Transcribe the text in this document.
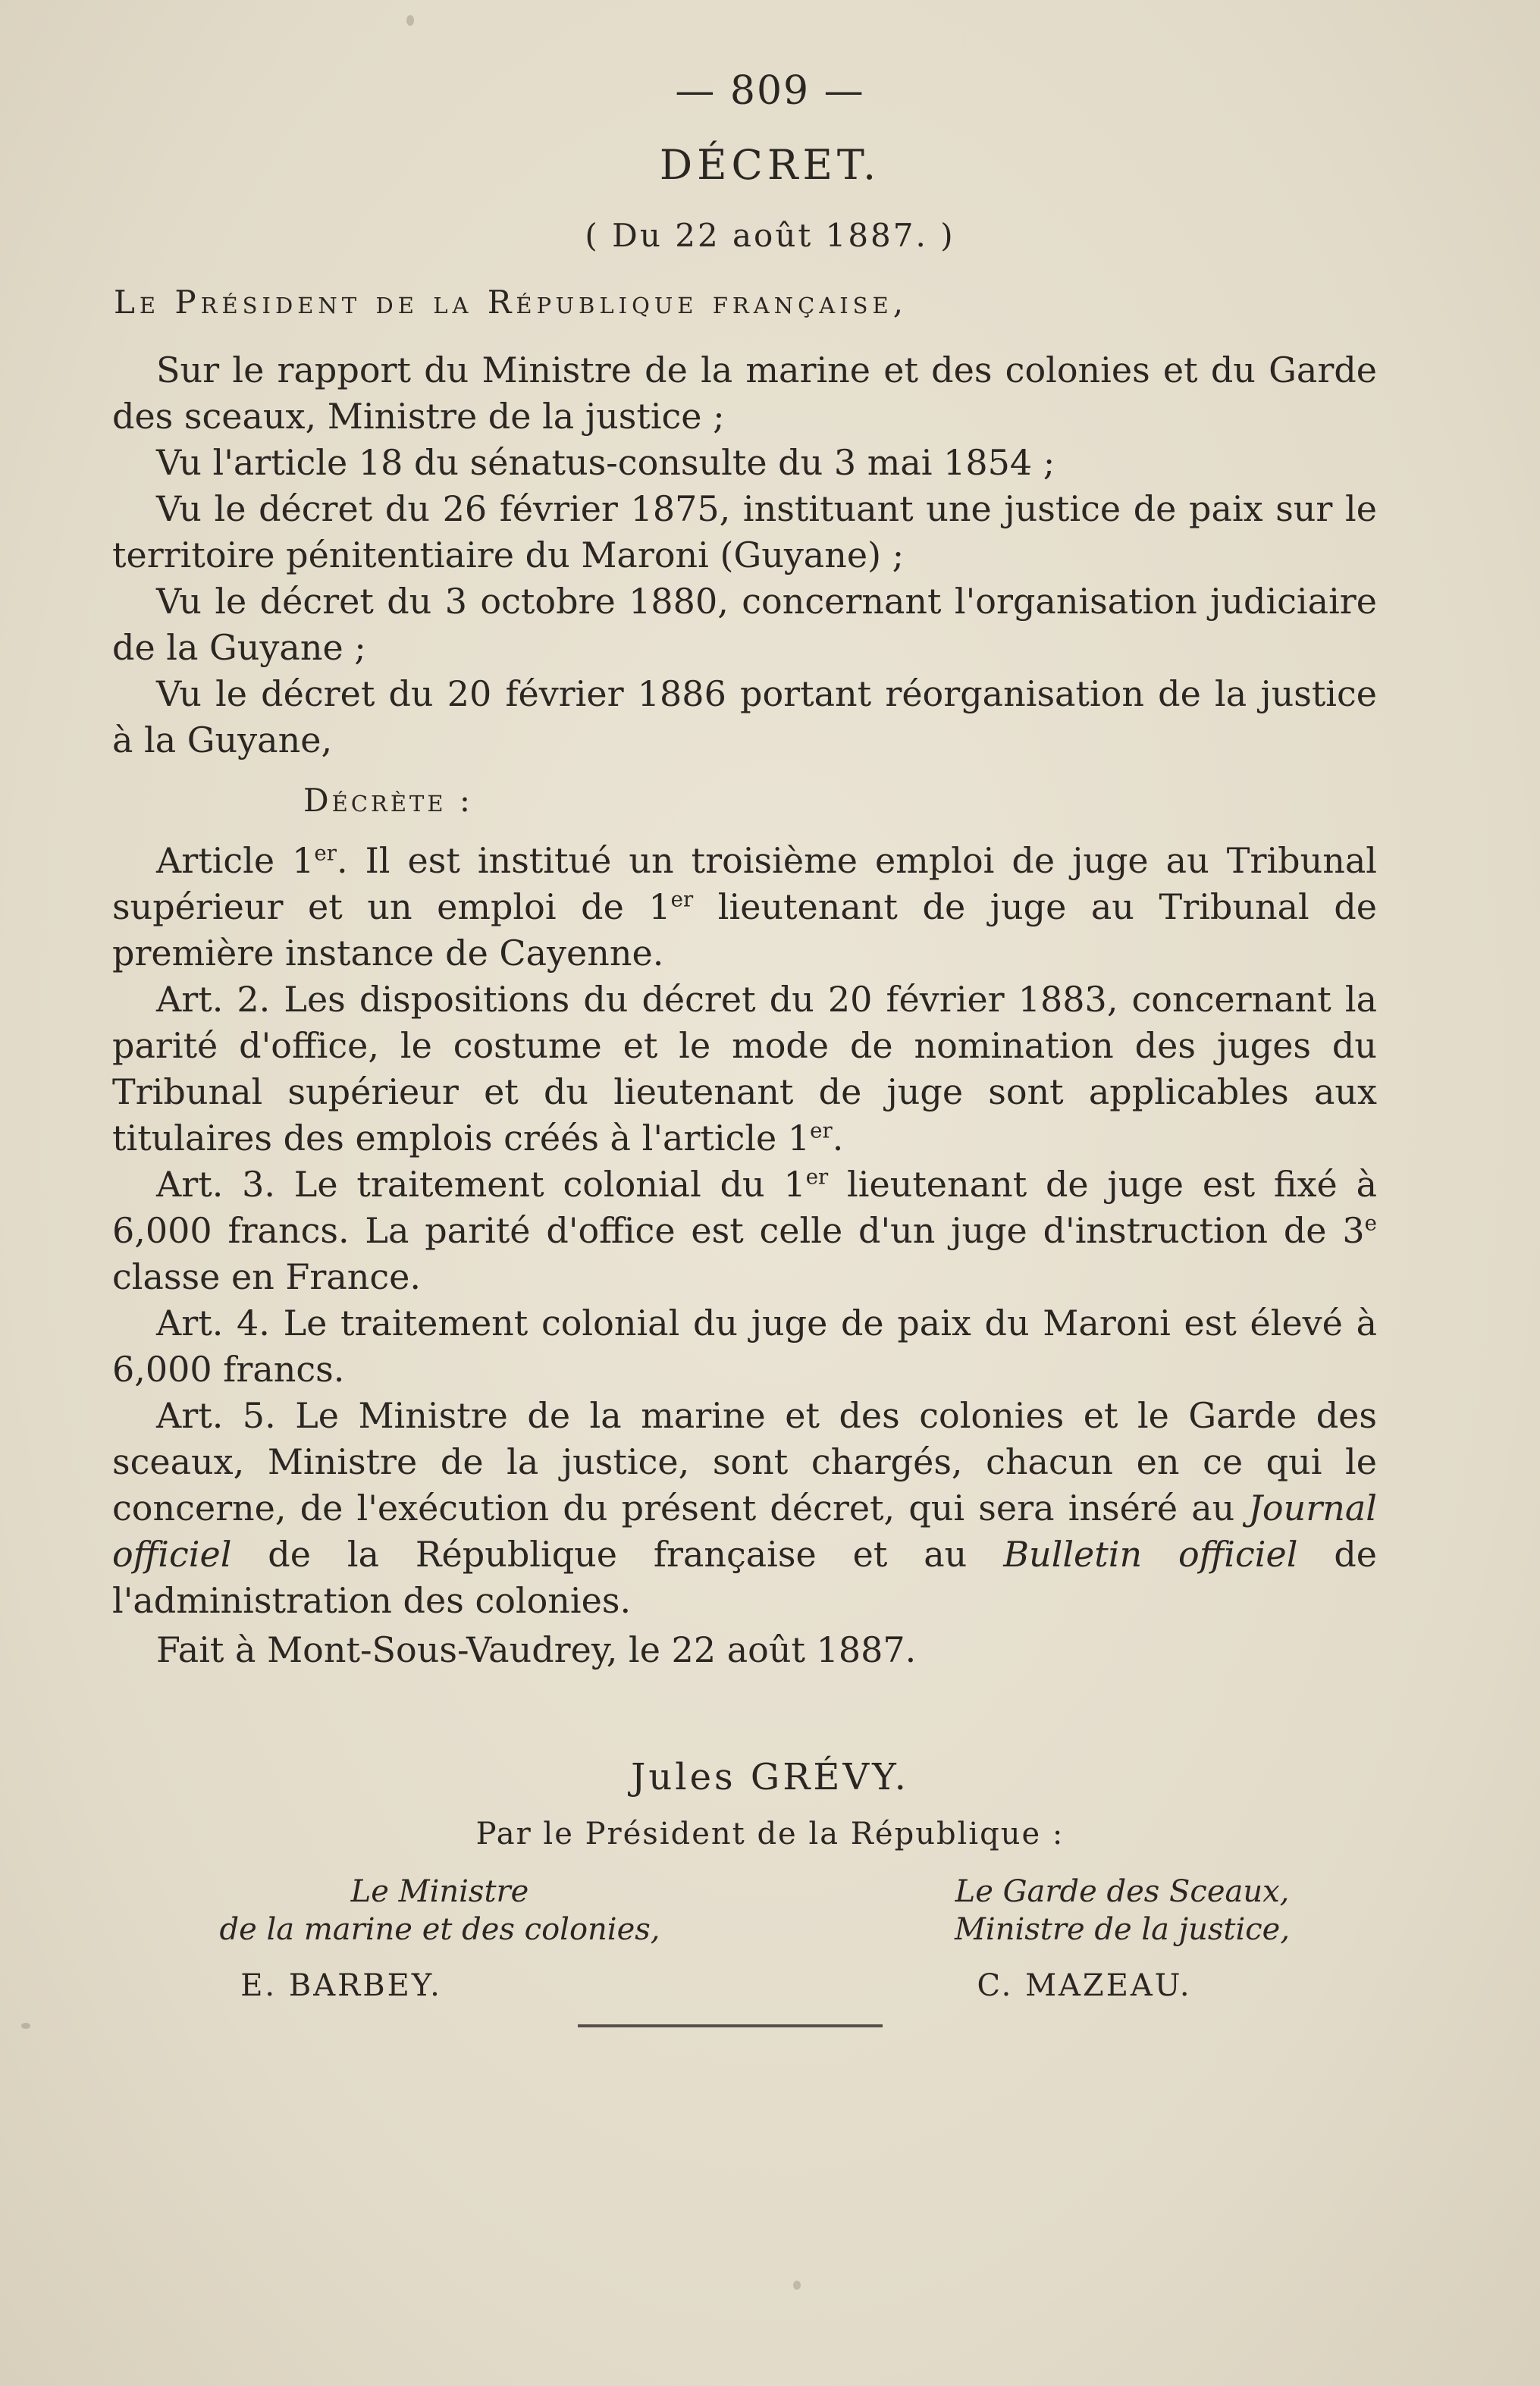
— 809 —
DÉCRET.
( Du 22 août 1887. )
Le Président de la République française,

Sur le rapport du Ministre de la marine et des colonies et du Garde des sceaux, Ministre de la justice ;

Vu l'article 18 du sénatus-consulte du 3 mai 1854 ;

Vu le décret du 26 février 1875, instituant une justice de paix sur le territoire pénitentiaire du Maroni (Guyane) ;

Vu le décret du 3 octobre 1880, concernant l'organisation judiciaire de la Guyane ;

Vu le décret du 20 février 1886 portant réorganisation de la justice à la Guyane,

Décrète :

Article 1er. Il est institué un troisième emploi de juge au Tribunal supérieur et un emploi de 1er lieutenant de juge au Tribunal de première instance de Cayenne.

Art. 2. Les dispositions du décret du 20 février 1883, concernant la parité d'office, le costume et le mode de nomination des juges du Tribunal supérieur et du lieutenant de juge sont applicables aux titulaires des emplois créés à l'article 1er.

Art. 3. Le traitement colonial du 1er lieutenant de juge est fixé à 6,000 francs. La parité d'office est celle d'un juge d'instruction de 3e classe en France.

Art. 4. Le traitement colonial du juge de paix du Maroni est élevé à 6,000 francs.

Art. 5. Le Ministre de la marine et des colonies et le Garde des sceaux, Ministre de la justice, sont chargés, chacun en ce qui le concerne, de l'exécution du présent décret, qui sera inséré au Journal officiel de la République française et au Bulletin officiel de l'administration des colonies.

Fait à Mont-Sous-Vaudrey, le 22 août 1887.

Jules GRÉVY.
Par le Président de la République :
Le Ministre
de la marine et des colonies,
Le Garde des Sceaux,
Ministre de la justice,
E. BARBEY.	C. MAZEAU.
